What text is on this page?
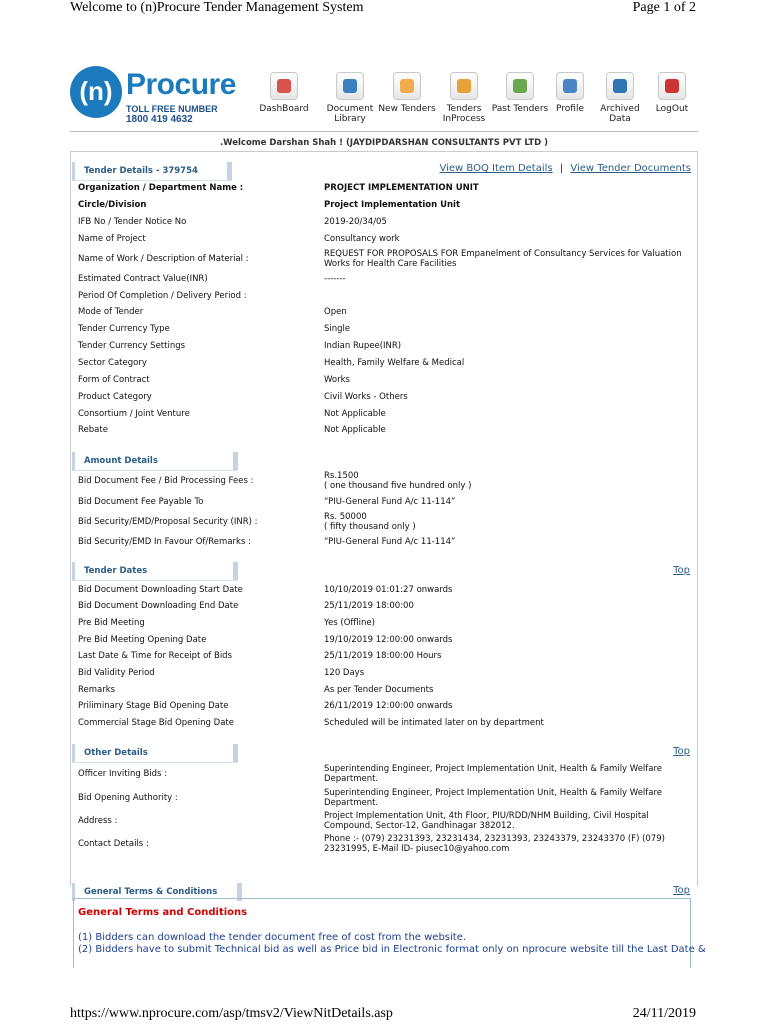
Welcome to (n)Procure Tender Management System	Page 1 of 2
(n) Procure
TOLL FREE NUMBER
1800 419 4632
DashBoard	Document Library
New Tenders	Tenders InProcess
Past Tenders Profile	Archived Data
LogOut
.Welcome Darshan Shah ! (JAYDIPDARSHAN CONSULTANTS PVT LTD )
Tender Details - 379754	View BOQ Item Details | View Tender Documents
Organization / Department Name :	PROJECT IMPLEMENTATION UNIT
Circle/Division	Project Implementation Unit
IFB No / Tender Notice No	2019-20/34/05
Name of Project	Consultancy work
Name of Work / Description of Material :	REQUEST FOR PROPOSALS FOR Empanelment of Consultancy Services for Valuation Works for Health Care Facilities
Estimated Contract Value(INR)	-------
Period Of Completion / Delivery Period :
Mode of Tender	Open
Tender Currency Type	Single
Tender Currency Settings	Indian Rupee(INR)
Sector Category	Health, Family Welfare & Medical
Form of Contract	Works
Product Category	Civil Works - Others
Consortium / Joint Venture	Not Applicable
Rebate	Not Applicable
Amount Details
Bid Document Fee / Bid Processing Fees :	Rs.1500
( one thousand five hundred only )
Bid Document Fee Payable To	“PIU-General Fund A/c 11-114”
Bid Security/EMD/Proposal Security (INR) :	Rs. 50000
( fifty thousand only )
Bid Security/EMD In Favour Of/Remarks :	“PIU-General Fund A/c 11-114”
Tender Dates	Top
Bid Document Downloading Start Date	10/10/2019 01:01:27 onwards
Bid Document Downloading End Date	25/11/2019 18:00:00
Pre Bid Meeting	Yes (Offline)
Pre Bid Meeting Opening Date	19/10/2019 12:00:00 onwards
Last Date & Time for Receipt of Bids	25/11/2019 18:00:00 Hours
Bid Validity Period	120 Days
Remarks	As per Tender Documents
Priliminary Stage Bid Opening Date	26/11/2019 12:00:00 onwards
Commercial Stage Bid Opening Date	Scheduled will be intimated later on by department
Other Details	Top
Officer Inviting Bids :	Superintending Engineer, Project Implementation Unit, Health & Family Welfare Department.
Bid Opening Authority :	Superintending Engineer, Project Implementation Unit, Health & Family Welfare Department.
Address :	Project Implementation Unit, 4th Floor, PIU/RDD/NHM Building, Civil Hospital Compound, Sector-12, Gandhinagar 382012.
Contact Details :	Phone :- (079) 23231393, 23231434, 23231393, 23243379, 23243370 (F) (079) 23231995, E-Mail ID- piusec10@yahoo.com
General Terms & Conditions	Top
General Terms and Conditions
(1) Bidders can download the tender document free of cost from the website.
(2) Bidders have to submit Technical bid as well as Price bid in Electronic format only on nprocure website till the Last Date &
https://www.nprocure.com/asp/tmsv2/ViewNitDetails.asp	24/11/2019
